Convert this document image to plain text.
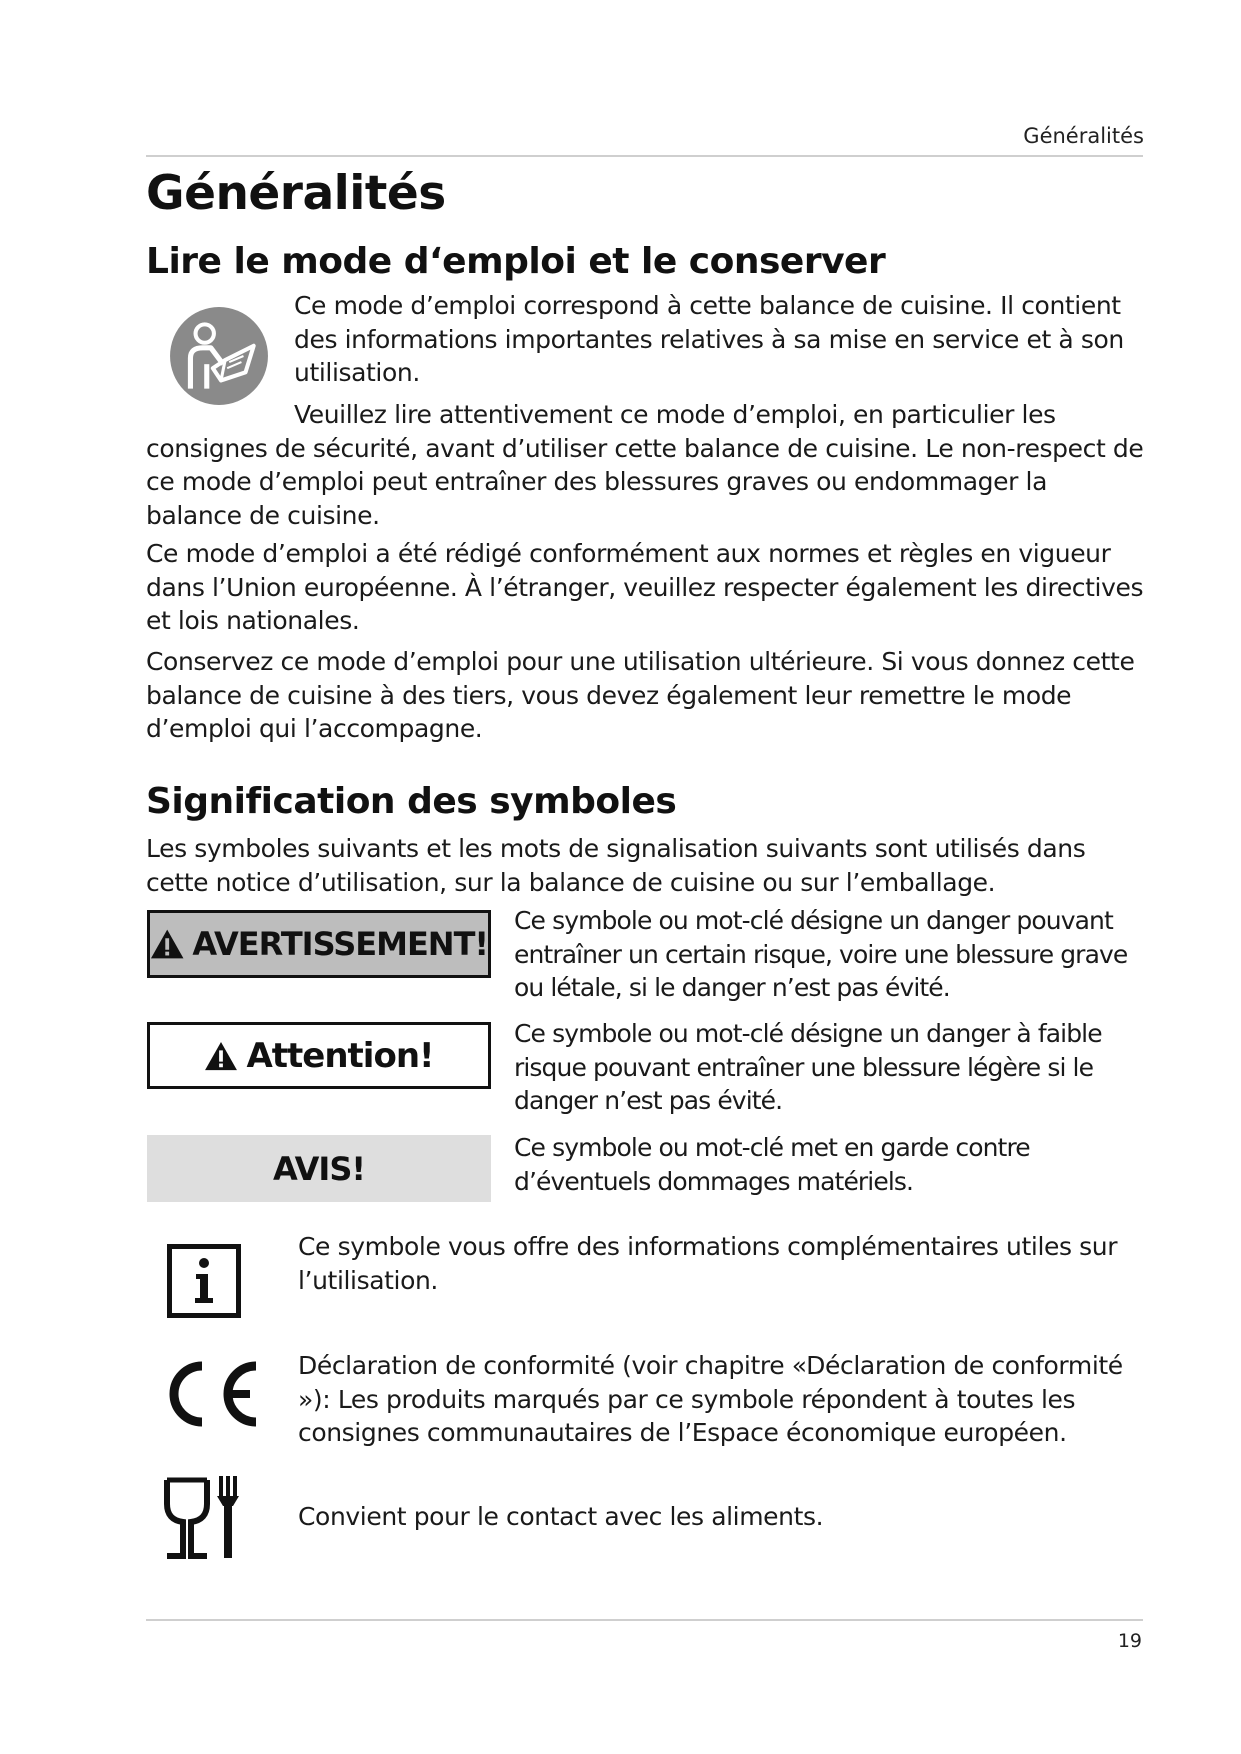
Généralités
Généralités
Lire le mode d‘emploi et le conserver

Ce mode d’emploi correspond à cette balance de cuisine. Il contient des informations importantes relatives à sa mise en service et à son utilisation.

Veuillez lire attentivement ce mode d’emploi, en particulier les consignes de sécurité, avant d’utiliser cette balance de cuisine. Le non-respect de ce mode d’emploi peut entraîner des blessures graves ou endommager la balance de cuisine.

Ce mode d’emploi a été rédigé conformément aux normes et règles en vigueur dans l’Union européenne. À l’étranger, veuillez respecter également les directives et lois nationales.

Conservez ce mode d’emploi pour une utilisation ultérieure. Si vous donnez cette balance de cuisine à des tiers, vous devez également leur remettre le mode d’emploi qui l’accompagne.

Signification des symboles

Les symboles suivants et les mots de signalisation suivants sont utilisés dans cette notice d’utilisation, sur la balance de cuisine ou sur l’emballage.

AVERTISSEMENT!

Ce symbole ou mot-clé désigne un danger pouvant entraîner un certain risque, voire une blessure grave ou létale, si le danger n’est pas évité.

Attention!

Ce symbole ou mot-clé désigne un danger à faible risque pouvant entraîner une blessure légère si le danger n’est pas évité.

AVIS!

Ce symbole ou mot-clé met en garde contre d’éventuels dommages matériels.

Ce symbole vous offre des informations complémentaires utiles sur l’utilisation.

Déclaration de conformité (voir chapitre «Déclaration de conformité »): Les produits marqués par ce symbole répondent à toutes les consignes communautaires de l’Espace économique européen.

Convient pour le contact avec les aliments.

19
